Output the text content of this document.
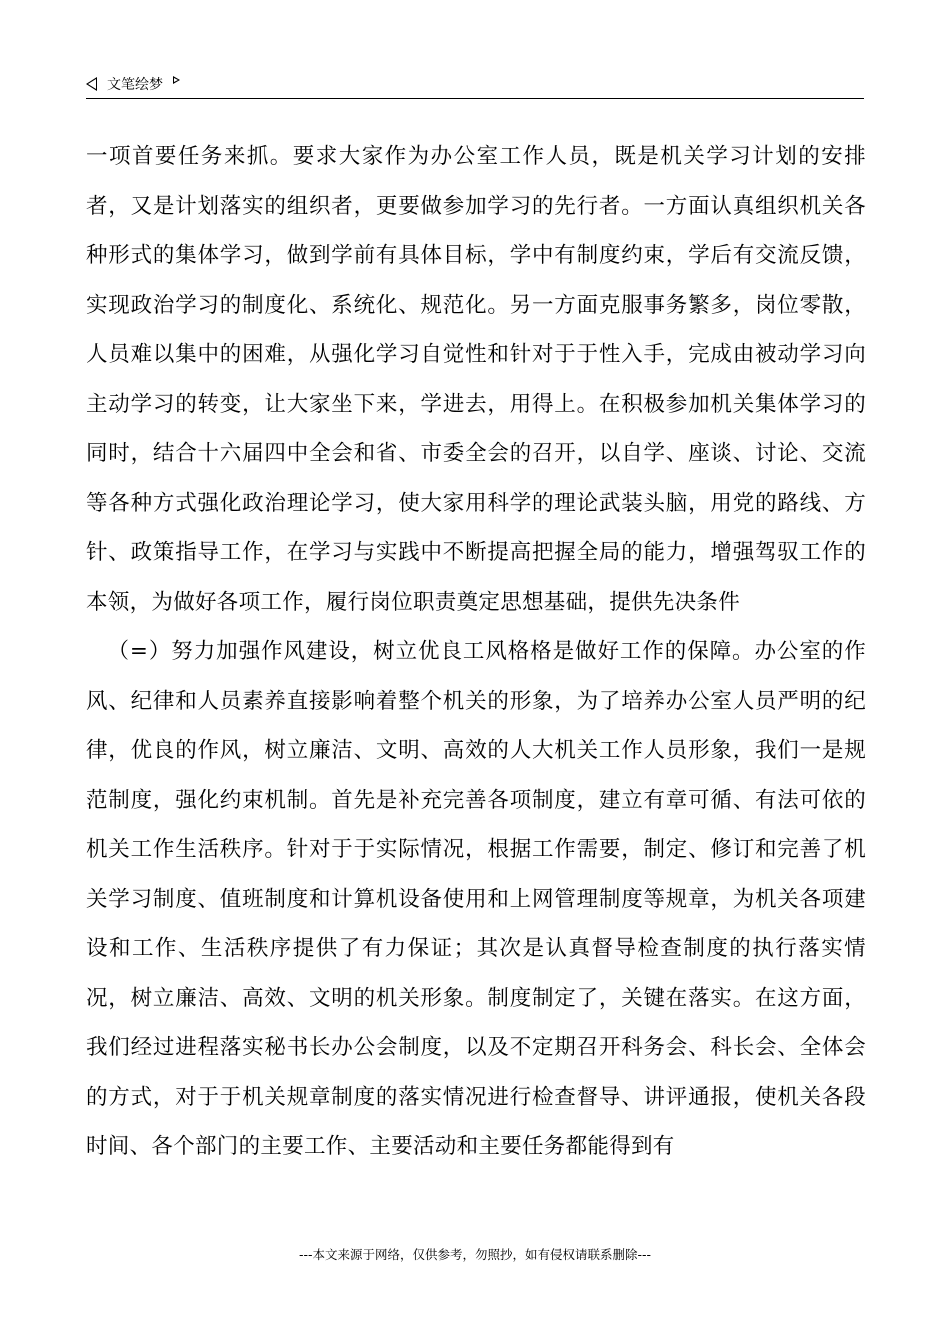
文笔绘梦

一项首要任务来抓。要求大家作为办公室工作人员，既是机关学习计划的安排者，又是计划落实的组织者，更要做参加学习的先行者。一方面认真组织机关各种形式的集体学习，做到学前有具体目标，学中有制度约束，学后有交流反馈，实现政治学习的制度化、系统化、规范化。另一方面克服事务繁多，岗位零散，人员难以集中的困难，从强化学习自觉性和针对于于性入手，完成由被动学习向主动学习的转变，让大家坐下来，学进去，用得上。在积极参加机关集体学习的同时，结合十六届四中全会和省、市委全会的召开，以自学、座谈、讨论、交流等各种方式强化政治理论学习，使大家用科学的理论武装头脑，用党的路线、方针、政策指导工作，在学习与实践中不断提高把握全局的能力，增强驾驭工作的本领，为做好各项工作，履行岗位职责奠定思想基础，提供先决条件

（=）努力加强作风建设，树立优良工风格格是做好工作的保障。办公室的作风、纪律和人员素养直接影响着整个机关的形象，为了培养办公室人员严明的纪律，优良的作风，树立廉洁、文明、高效的人大机关工作人员形象，我们一是规范制度，强化约束机制。首先是补充完善各项制度，建立有章可循、有法可依的机关工作生活秩序。针对于于实际情况，根据工作需要，制定、修订和完善了机关学习制度、值班制度和计算机设备使用和上网管理制度等规章，为机关各项建设和工作、生活秩序提供了有力保证；其次是认真督导检查制度的执行落实情况，树立廉洁、高效、文明的机关形象。制度制定了，关键在落实。在这方面，我们经过进程落实秘书长办公会制度，以及不定期召开科务会、科长会、全体会的方式，对于于机关规章制度的落实情况进行检查督导、讲评通报，使机关各段时间、各个部门的主要工作、主要活动和主要任务都能得到有

---本文来源于网络，仅供参考，勿照抄，如有侵权请联系删除---
